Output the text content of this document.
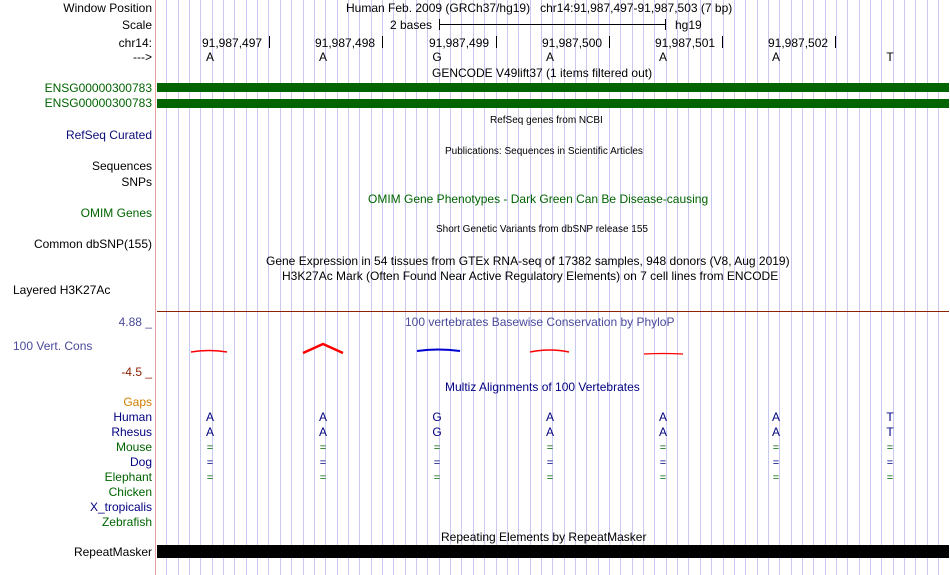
Window Position	Human Feb. 2009 (GRCh37/hg19)   chr14:91,987,497-91,987,503 (7 bp)
Scale	2 bases	hg19
chr14:	91,987,497	91,987,498	91,987,499	91,987,500	91,987,501	91,987,502
--->	A	A	G	A	A	A	T
GENCODE V49lift37 (1 items filtered out)
ENSG00000300783
ENSG00000300783
RefSeq genes from NCBI
RefSeq Curated
Publications: Sequences in Scientific Articles
Sequences
SNPs
OMIM Gene Phenotypes - Dark Green Can Be Disease-causing
OMIM Genes
Short Genetic Variants from dbSNP release 155
Common dbSNP(155)
Gene Expression in 54 tissues from GTEx RNA-seq of 17382 samples, 948 donors (V8, Aug 2019)
H3K27Ac Mark (Often Found Near Active Regulatory Elements) on 7 cell lines from ENCODE
Layered H3K27Ac
100 vertebrates Basewise Conservation by PhyloP
4.88 _
100 Vert. Cons
-4.5 _
Multiz Alignments of 100 Vertebrates
Gaps
Human	A	A	G	A	A	A	T
Rhesus	A	A	G	A	A	A	T
Mouse	=	=	=	=	=	=	=
Dog	=	=	=	=	=	=	=
Elephant	=	=	=	=	=	=	=
Chicken
X_tropicalis
Zebrafish
Repeating Elements by RepeatMasker
RepeatMasker
